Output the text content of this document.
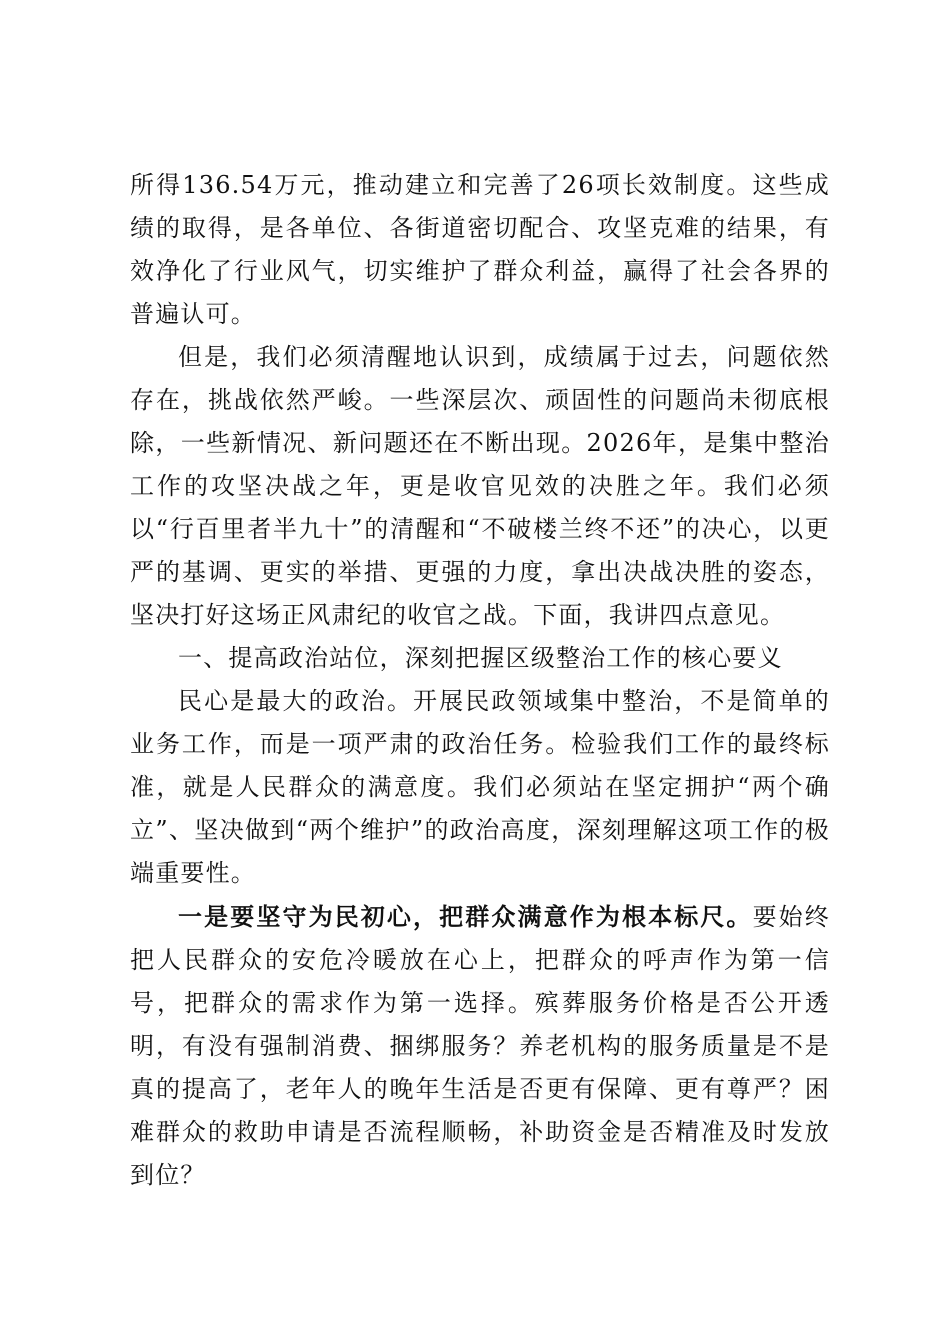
所得136.54万元，推动建立和完善了26项长效制度。这些成绩的取得，是各单位、各街道密切配合、攻坚克难的结果，有效净化了行业风气，切实维护了群众利益，赢得了社会各界的普遍认可。

但是，我们必须清醒地认识到，成绩属于过去，问题依然存在，挑战依然严峻。一些深层次、顽固性的问题尚未彻底根除，一些新情况、新问题还在不断出现。2026年，是集中整治工作的攻坚决战之年，更是收官见效的决胜之年。我们必须以“行百里者半九十”的清醒和“不破楼兰终不还”的决心，以更严的基调、更实的举措、更强的力度，拿出决战决胜的姿态，坚决打好这场正风肃纪的收官之战。下面，我讲四点意见。

一、提高政治站位，深刻把握区级整治工作的核心要义

民心是最大的政治。开展民政领域集中整治，不是简单的业务工作，而是一项严肃的政治任务。检验我们工作的最终标准，就是人民群众的满意度。我们必须站在坚定拥护“两个确立”、坚决做到“两个维护”的政治高度，深刻理解这项工作的极端重要性。

一是要坚守为民初心，把群众满意作为根本标尺。要始终把人民群众的安危冷暖放在心上，把群众的呼声作为第一信号，把群众的需求作为第一选择。殡葬服务价格是否公开透明，有没有强制消费、捆绑服务？养老机构的服务质量是不是真的提高了，老年人的晚年生活是否更有保障、更有尊严？困难群众的救助申请是否流程顺畅，补助资金是否精准及时发放到位？
